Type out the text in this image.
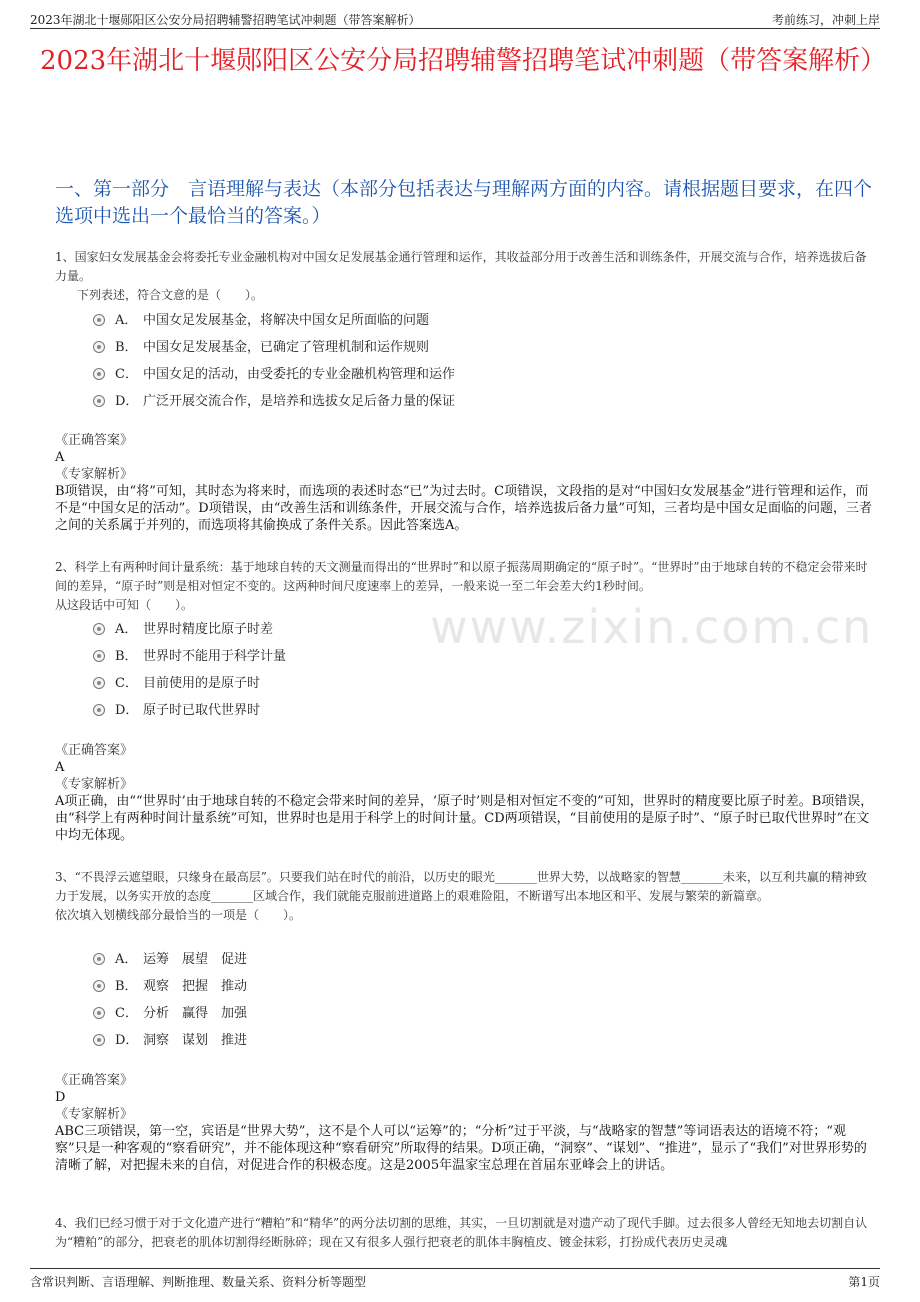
2023年湖北十堰郧阳区公安分局招聘辅警招聘笔试冲刺题（带答案解析）	考前练习，冲刺上岸
2023年湖北十堰郧阳区公安分局招聘辅警招聘笔试冲刺题（带答案解析）
一、第一部分　言语理解与表达（本部分包括表达与理解两方面的内容。请根据题目要求，在四个选项中选出一个最恰当的答案。）
www.zixin.com.cn

1、国家妇女发展基金会将委托专业金融机构对中国女足发展基金通行管理和运作，其收益部分用于改善生活和训练条件，开展交流与合作，培养选拔后备力量。

下列表述，符合文意的是（　　）。

A． 中国女足发展基金，将解决中国女足所面临的问题
B． 中国女足发展基金，已确定了管理机制和运作规则
C． 中国女足的活动，由受委托的专业金融机构管理和运作
D． 广泛开展交流合作，是培养和选拔女足后备力量的保证
《正确答案》
A
《专家解析》

B项错误，由“将”可知，其时态为将来时，而选项的表述时态“已”为过去时。C项错误，文段指的是对“中国妇女发展基金”进行管理和运作，而不是“中国女足的活动”。D项错误，由“改善生活和训练条件，开展交流与合作，培养选拔后备力量”可知，三者均是中国女足面临的问题，三者之间的关系属于并列的，而选项将其偷换成了条件关系。因此答案选A。

2、科学上有两种时间计量系统：基于地球自转的天文测量而得出的“世界时”和以原子振荡周期确定的“原子时”。“世界时”由于地球自转的不稳定会带来时间的差异，“原子时”则是相对恒定不变的。这两种时间尺度速率上的差异，一般来说一至二年会差大约1秒时间。

从这段话中可知（　　）。

A． 世界时精度比原子时差
B． 世界时不能用于科学计量
C． 目前使用的是原子时
D． 原子时已取代世界时
《正确答案》
A
《专家解析》

A项正确，由““世界时’由于地球自转的不稳定会带来时间的差异，‘原子时’则是相对恒定不变的”可知，世界时的精度要比原子时差。B项错误，由“科学上有两种时间计量系统”可知，世界时也是用于科学上的时间计量。CD两项错误，“目前使用的是原子时”、“原子时已取代世界时”在文中均无体现。

3、“不畏浮云遮望眼，只缘身在最高层”。只要我们站在时代的前沿，以历史的眼光_______世界大势，以战略家的智慧_______未来，以互利共赢的精神致力于发展，以务实开放的态度_______区域合作，我们就能克服前进道路上的艰难险阻，不断谱写出本地区和平、发展与繁荣的新篇章。

依次填入划横线部分最恰当的一项是（　　）。

A． 运筹　展望　促进
B． 观察　把握　推动
C． 分析　赢得　加强
D． 洞察　谋划　推进
《正确答案》
D
《专家解析》

ABC三项错误，第一空，宾语是“世界大势”，这不是个人可以“运筹”的；“分析”过于平淡，与“战略家的智慧”等词语表达的语境不符；“观察”只是一种客观的“察看研究”，并不能体现这种“察看研究”所取得的结果。D项正确，“洞察”、“谋划”、“推进”，显示了“我们”对世界形势的清晰了解，对把握未来的自信，对促进合作的积极态度。这是2005年温家宝总理在首届东亚峰会上的讲话。

4、我们已经习惯于对于文化遗产进行“糟粕”和“精华”的两分法切割的思维，其实，一旦切割就是对遗产动了现代手脚。过去很多人曾经无知地去切割自认为“糟粕”的部分，把衰老的肌体切割得经断脉碎；现在又有很多人强行把衰老的肌体丰胸植皮、镀金抹彩，打扮成代表历史灵魂

含常识判断、言语理解、判断推理、数量关系、资料分析等题型	第1页
